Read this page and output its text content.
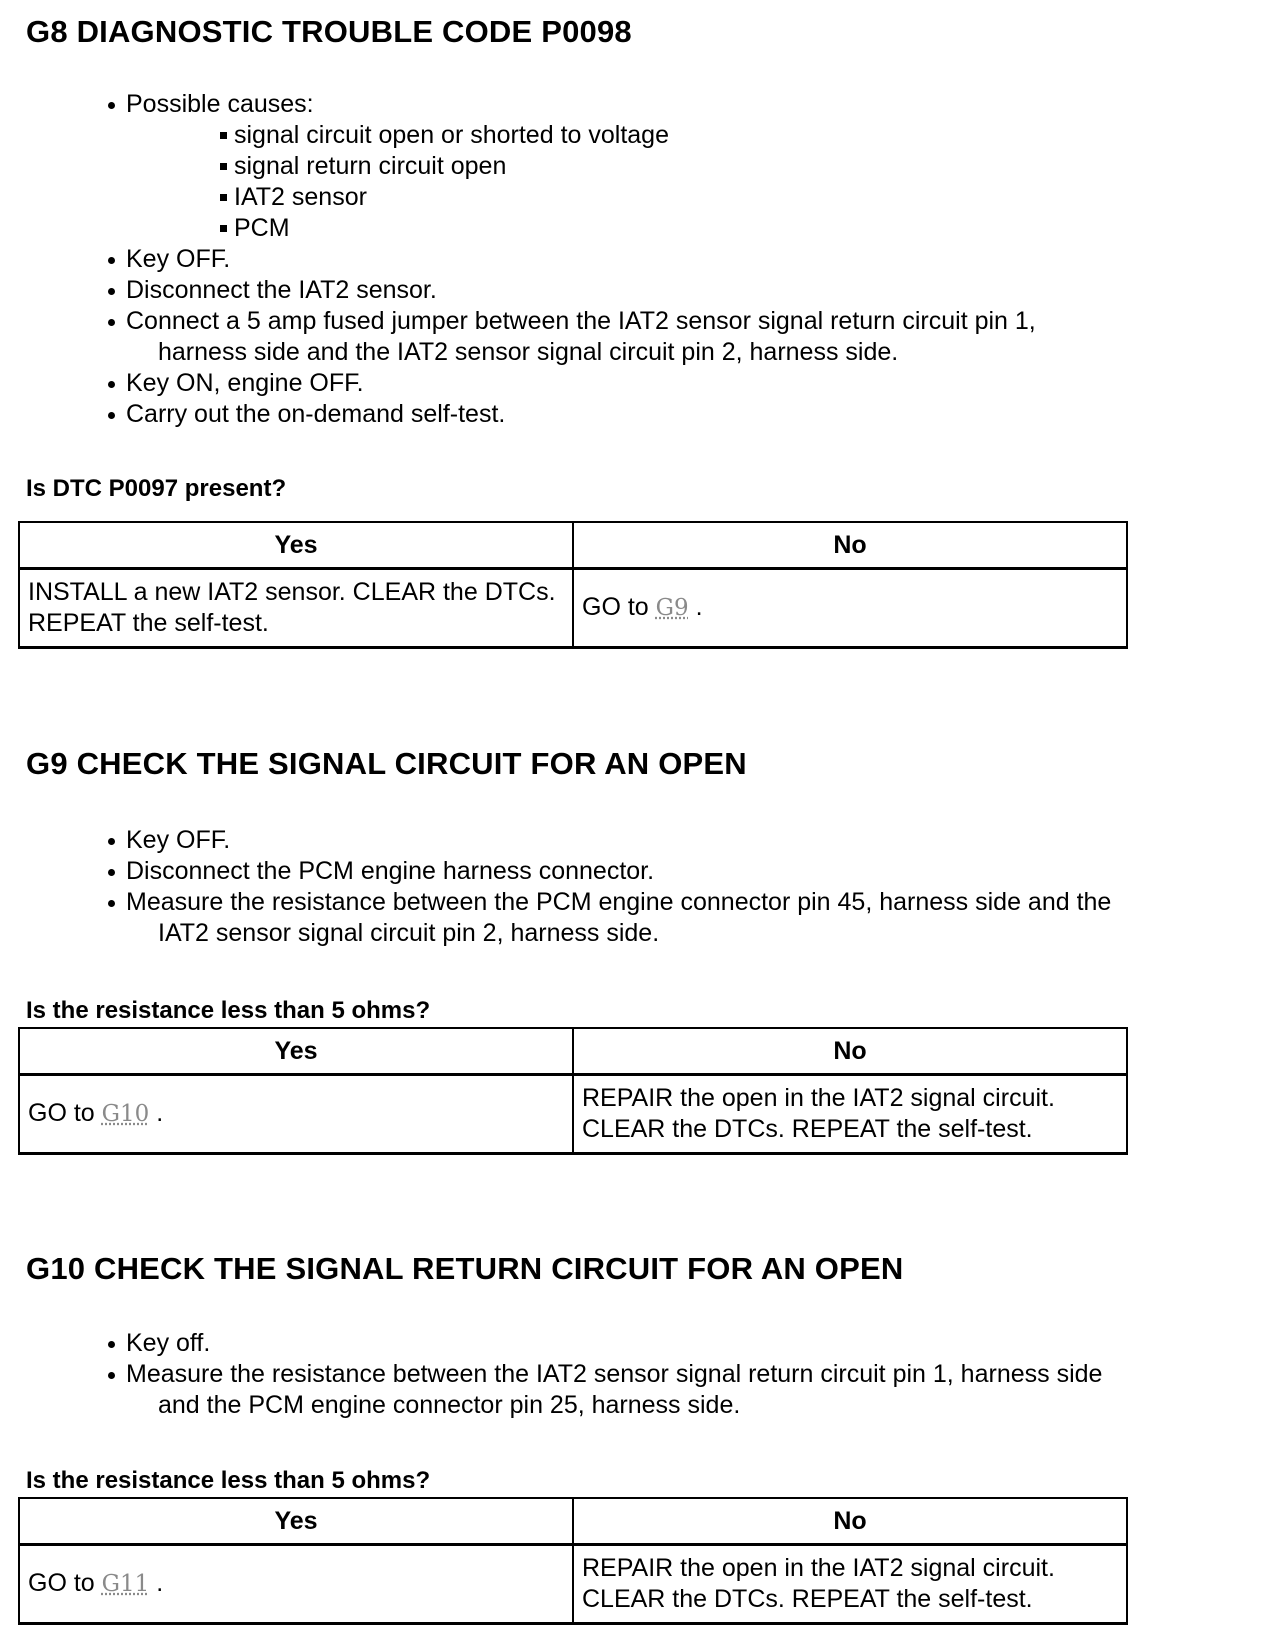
G8 DIAGNOSTIC TROUBLE CODE P0098
Possible causes:
signal circuit open or shorted to voltage
signal return circuit open
IAT2 sensor
PCM
Key OFF.
Disconnect the IAT2 sensor.
Connect a 5 amp fused jumper between the IAT2 sensor signal return circuit pin 1,
harness side and the IAT2 sensor signal circuit pin 2, harness side.
Key ON, engine OFF.
Carry out the on-demand self-test.
Is DTC P0097 present?
Yes	No
INSTALL a new IAT2 sensor. CLEAR the DTCs. REPEAT the self-test.	GO to G9 .
G9 CHECK THE SIGNAL CIRCUIT FOR AN OPEN
Key OFF.
Disconnect the PCM engine harness connector.
Measure the resistance between the PCM engine connector pin 45, harness side and the
IAT2 sensor signal circuit pin 2, harness side.
Is the resistance less than 5 ohms?
Yes	No
GO to G10 .	REPAIR the open in the IAT2 signal circuit. CLEAR the DTCs. REPEAT the self-test.
G10 CHECK THE SIGNAL RETURN CIRCUIT FOR AN OPEN
Key off.
Measure the resistance between the IAT2 sensor signal return circuit pin 1, harness side
and the PCM engine connector pin 25, harness side.
Is the resistance less than 5 ohms?
Yes	No
GO to G11 .	REPAIR the open in the IAT2 signal circuit. CLEAR the DTCs. REPEAT the self-test.
